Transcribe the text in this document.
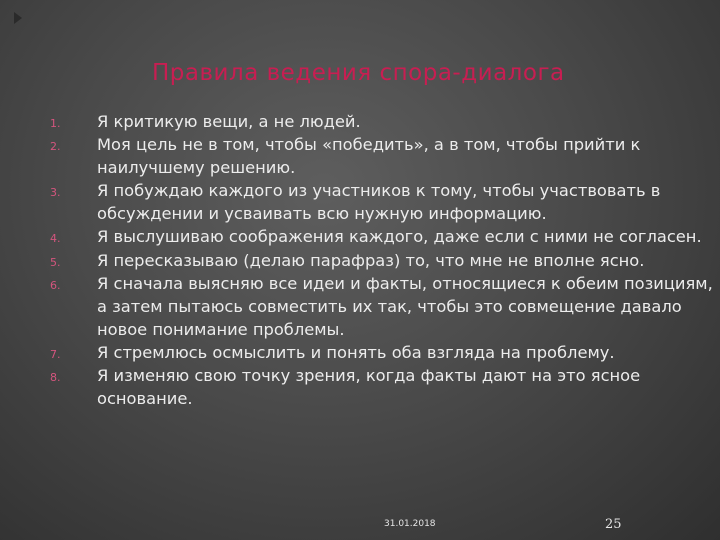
Правила ведения спора-диалога
1.	Я критикую вещи, а не людей.
2.	Моя цель не в том, чтобы «победить», а в том, чтобы прийти к наилучшему решению.
3.	Я побуждаю каждого из участников к тому, чтобы участвовать в обсуждении и усваивать всю нужную информацию.
4.	Я выслушиваю соображения каждого, даже если с ними не согласен.
5.	Я пересказываю (делаю парафраз) то, что мне не вполне ясно.
6.	Я сначала выясняю все идеи и факты, относящиеся к обеим позициям, а затем пытаюсь совместить их так, чтобы это совмещение давало новое понимание проблемы.
7.	Я стремлюсь осмыслить и понять оба взгляда на проблему.
8.	Я изменяю свою точку зрения, когда факты дают на это ясное основание.
31.01.2018	25
